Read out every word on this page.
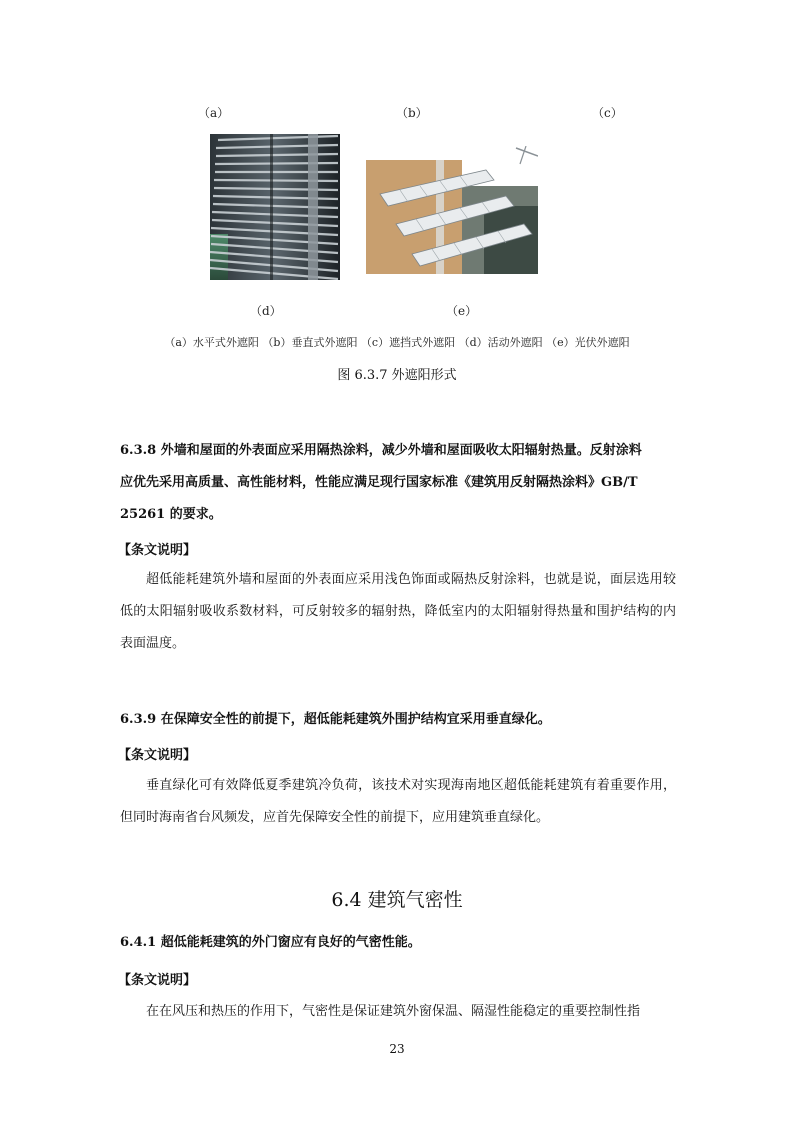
（a）	（b）	（c）
（d）	（e）
（a）水平式外遮阳 （b）垂直式外遮阳 （c）遮挡式外遮阳 （d）活动外遮阳 （e）光伏外遮阳
图 6.3.7 外遮阳形式
6.3.8 外墙和屋面的外表面应采用隔热涂料，减少外墙和屋面吸收太阳辐射热量。反射涂料
应优先采用高质量、高性能材料，性能应满足现行国家标准《建筑用反射隔热涂料》GB/T
25261 的要求。
【条文说明】
超低能耗建筑外墙和屋面的外表面应采用浅色饰面或隔热反射涂料，也就是说，面层选用较低的太阳辐射吸收系数材料，可反射较多的辐射热，降低室内的太阳辐射得热量和围护结构的内表面温度。
6.3.9 在保障安全性的前提下，超低能耗建筑外围护结构宜采用垂直绿化。
【条文说明】
垂直绿化可有效降低夏季建筑冷负荷，该技术对实现海南地区超低能耗建筑有着重要作用，但同时海南省台风频发，应首先保障安全性的前提下，应用建筑垂直绿化。
6.4 建筑气密性
6.4.1 超低能耗建筑的外门窗应有良好的气密性能。
【条文说明】
在在风压和热压的作用下，气密性是保证建筑外窗保温、隔湿性能稳定的重要控制性指
23
